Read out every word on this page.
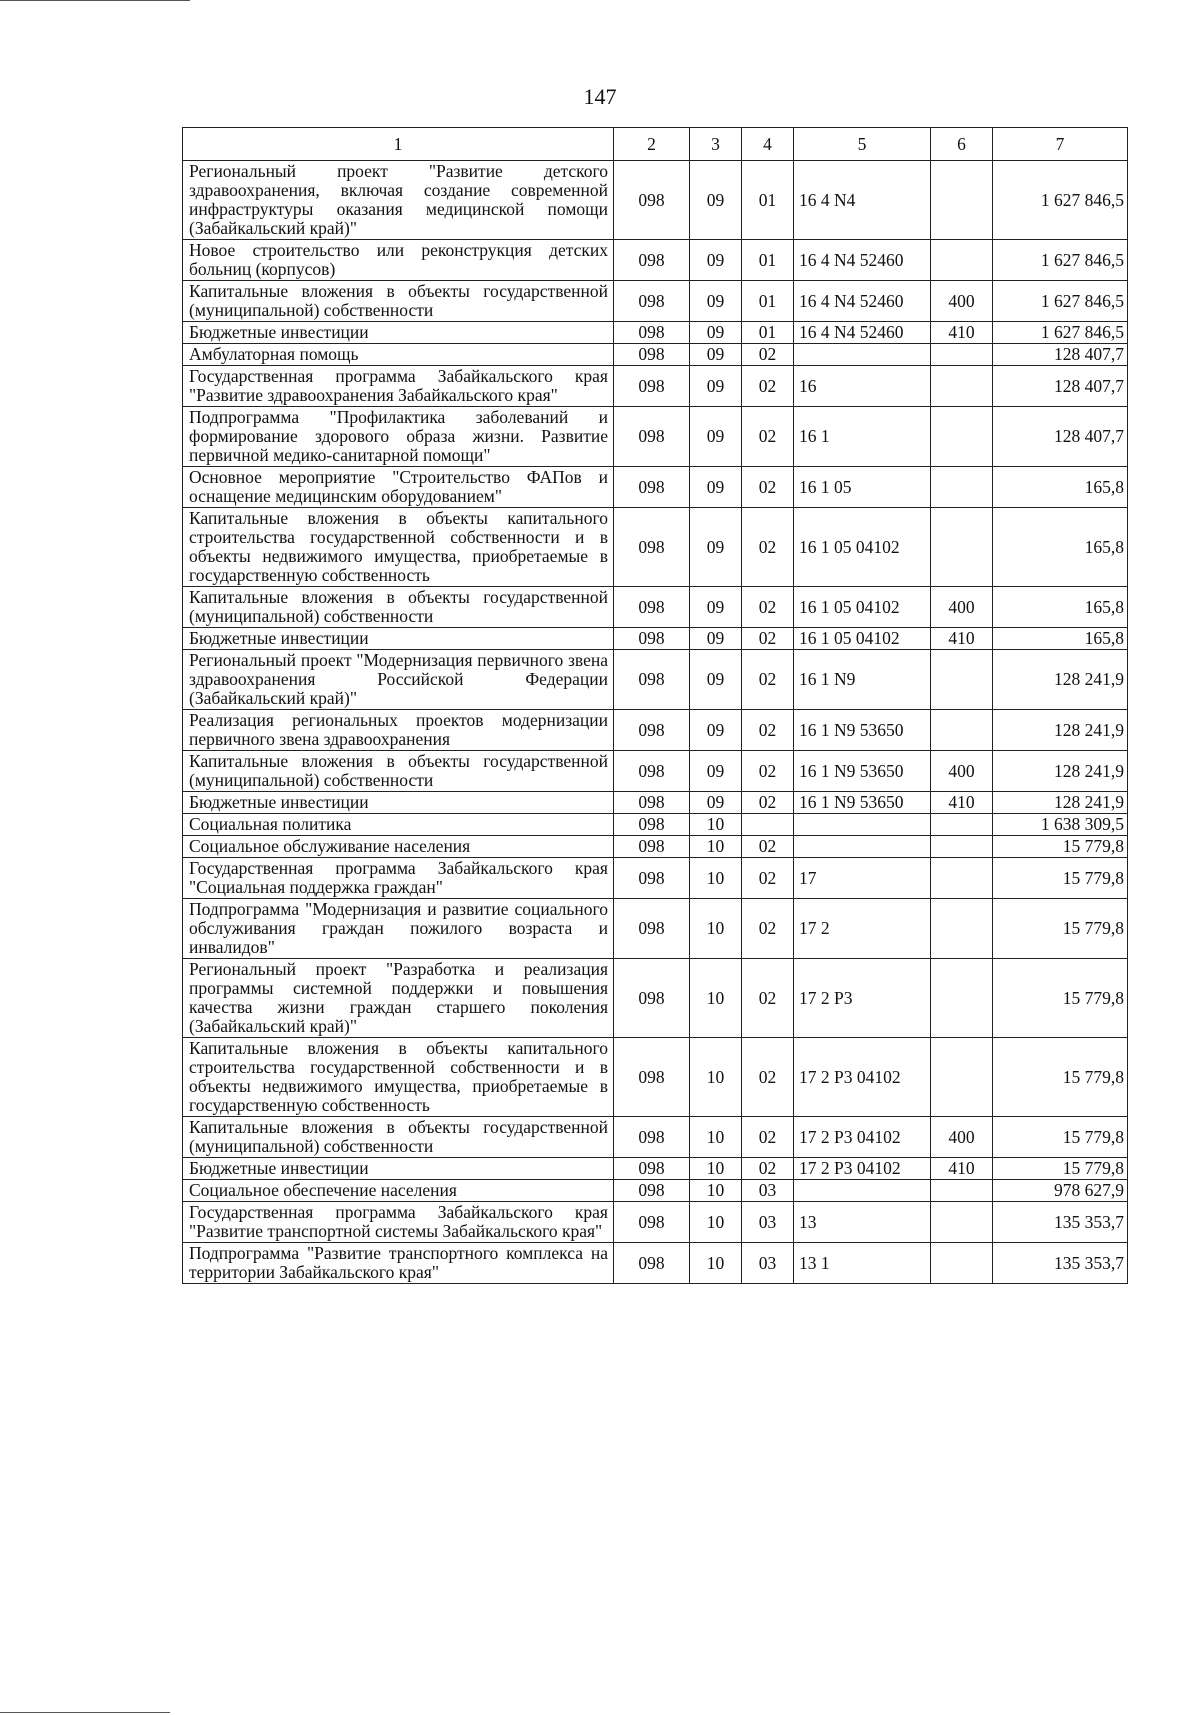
147
1	2	3	4	5	6	7
Региональный проект "Развитие детского здравоохранения, включая создание современной инфраструктуры оказания медицинской помощи (Забайкальский край)"	098	09	01	16 4 N4		1 627 846,5
Новое строительство или реконструкция детских больниц (корпусов)	098	09	01	16 4 N4 52460		1 627 846,5
Капитальные вложения в объекты государственной (муниципальной) собственности	098	09	01	16 4 N4 52460	400	1 627 846,5
Бюджетные инвестиции	098	09	01	16 4 N4 52460	410	1 627 846,5
Амбулаторная помощь	098	09	02			128 407,7
Государственная программа Забайкальского края "Развитие здравоохранения Забайкальского края"	098	09	02	16		128 407,7
Подпрограмма "Профилактика заболеваний и формирование здорового образа жизни. Развитие первичной медико-санитарной помощи"	098	09	02	16 1		128 407,7
Основное мероприятие "Строительство ФАПов и оснащение медицинским оборудованием"	098	09	02	16 1 05		165,8
Капитальные вложения в объекты капитального строительства государственной собственности и в объекты недвижимого имущества, приобретаемые в государственную собственность	098	09	02	16 1 05 04102		165,8
Капитальные вложения в объекты государственной (муниципальной) собственности	098	09	02	16 1 05 04102	400	165,8
Бюджетные инвестиции	098	09	02	16 1 05 04102	410	165,8
Региональный проект "Модернизация первичного звена здравоохранения Российской Федерации (Забайкальский край)"	098	09	02	16 1 N9		128 241,9
Реализация региональных проектов модернизации первичного звена здравоохранения	098	09	02	16 1 N9 53650		128 241,9
Капитальные вложения в объекты государственной (муниципальной) собственности	098	09	02	16 1 N9 53650	400	128 241,9
Бюджетные инвестиции	098	09	02	16 1 N9 53650	410	128 241,9
Социальная политика	098	10				1 638 309,5
Социальное обслуживание населения	098	10	02			15 779,8
Государственная программа Забайкальского края "Социальная поддержка граждан"	098	10	02	17		15 779,8
Подпрограмма "Модернизация и развитие социального обслуживания граждан пожилого возраста и инвалидов"	098	10	02	17 2		15 779,8
Региональный проект "Разработка и реализация программы системной поддержки и повышения качества жизни граждан старшего поколения (Забайкальский край)"	098	10	02	17 2 P3		15 779,8
Капитальные вложения в объекты капитального строительства государственной собственности и в объекты недвижимого имущества, приобретаемые в государственную собственность	098	10	02	17 2 P3 04102		15 779,8
Капитальные вложения в объекты государственной (муниципальной) собственности	098	10	02	17 2 P3 04102	400	15 779,8
Бюджетные инвестиции	098	10	02	17 2 P3 04102	410	15 779,8
Социальное обеспечение населения	098	10	03			978 627,9
Государственная программа Забайкальского края "Развитие транспортной системы Забайкальского края"	098	10	03	13		135 353,7
Подпрограмма "Развитие транспортного комплекса на территории Забайкальского края"	098	10	03	13 1		135 353,7
